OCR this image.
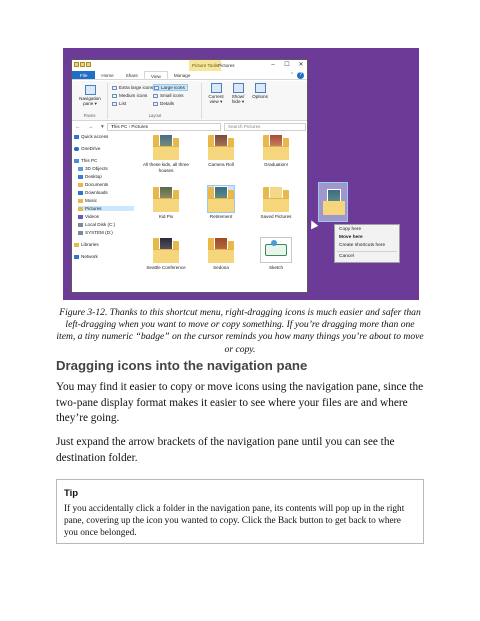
Picture Tools Pictures	–	☐	✕
File	Home	Share	View	Manage	⌃	?
Navigation pane ▾
Panes
Extra large icons Large icons
Medium icons	Small icons
List	Details
Layout
Current view ▾
Show/ hide ▾
Options
← → ▾ ↑
This PC › Pictures	Search Pictures
Quick access
OneDrive
This PC
3D Objects
Desktop
Documents
Downloads
Music
Pictures
Videos
Local Disk (C:)
SYSTEM (D:)
Libraries
Network
All these kids, all three houses
Camera Roll	Graduation!
Kid Pix	Retirement	Saved Pictures
Seattle Conference	Sedona	Sketch
Copy here
Move here
Create shortcuts here
Cancel
Figure 3-12. Thanks to this shortcut menu, right-dragging icons is much easier and safer than left-dragging when you want to move or copy something. If you’re dragging more than one item, a tiny numeric “badge” on the cursor reminds you how many things you’re about to move or copy.
Dragging icons into the navigation pane

You may find it easier to copy or move icons using the navigation pane, since the two-pane display format makes it easier to see where your files are and where they’re going.

Just expand the arrow brackets of the navigation pane until you can see the destination folder.

Tip
If you accidentally click a folder in the navigation pane, its contents will pop up in the right pane, covering up the icon you wanted to copy. Click the Back button to get back to where you once belonged.
